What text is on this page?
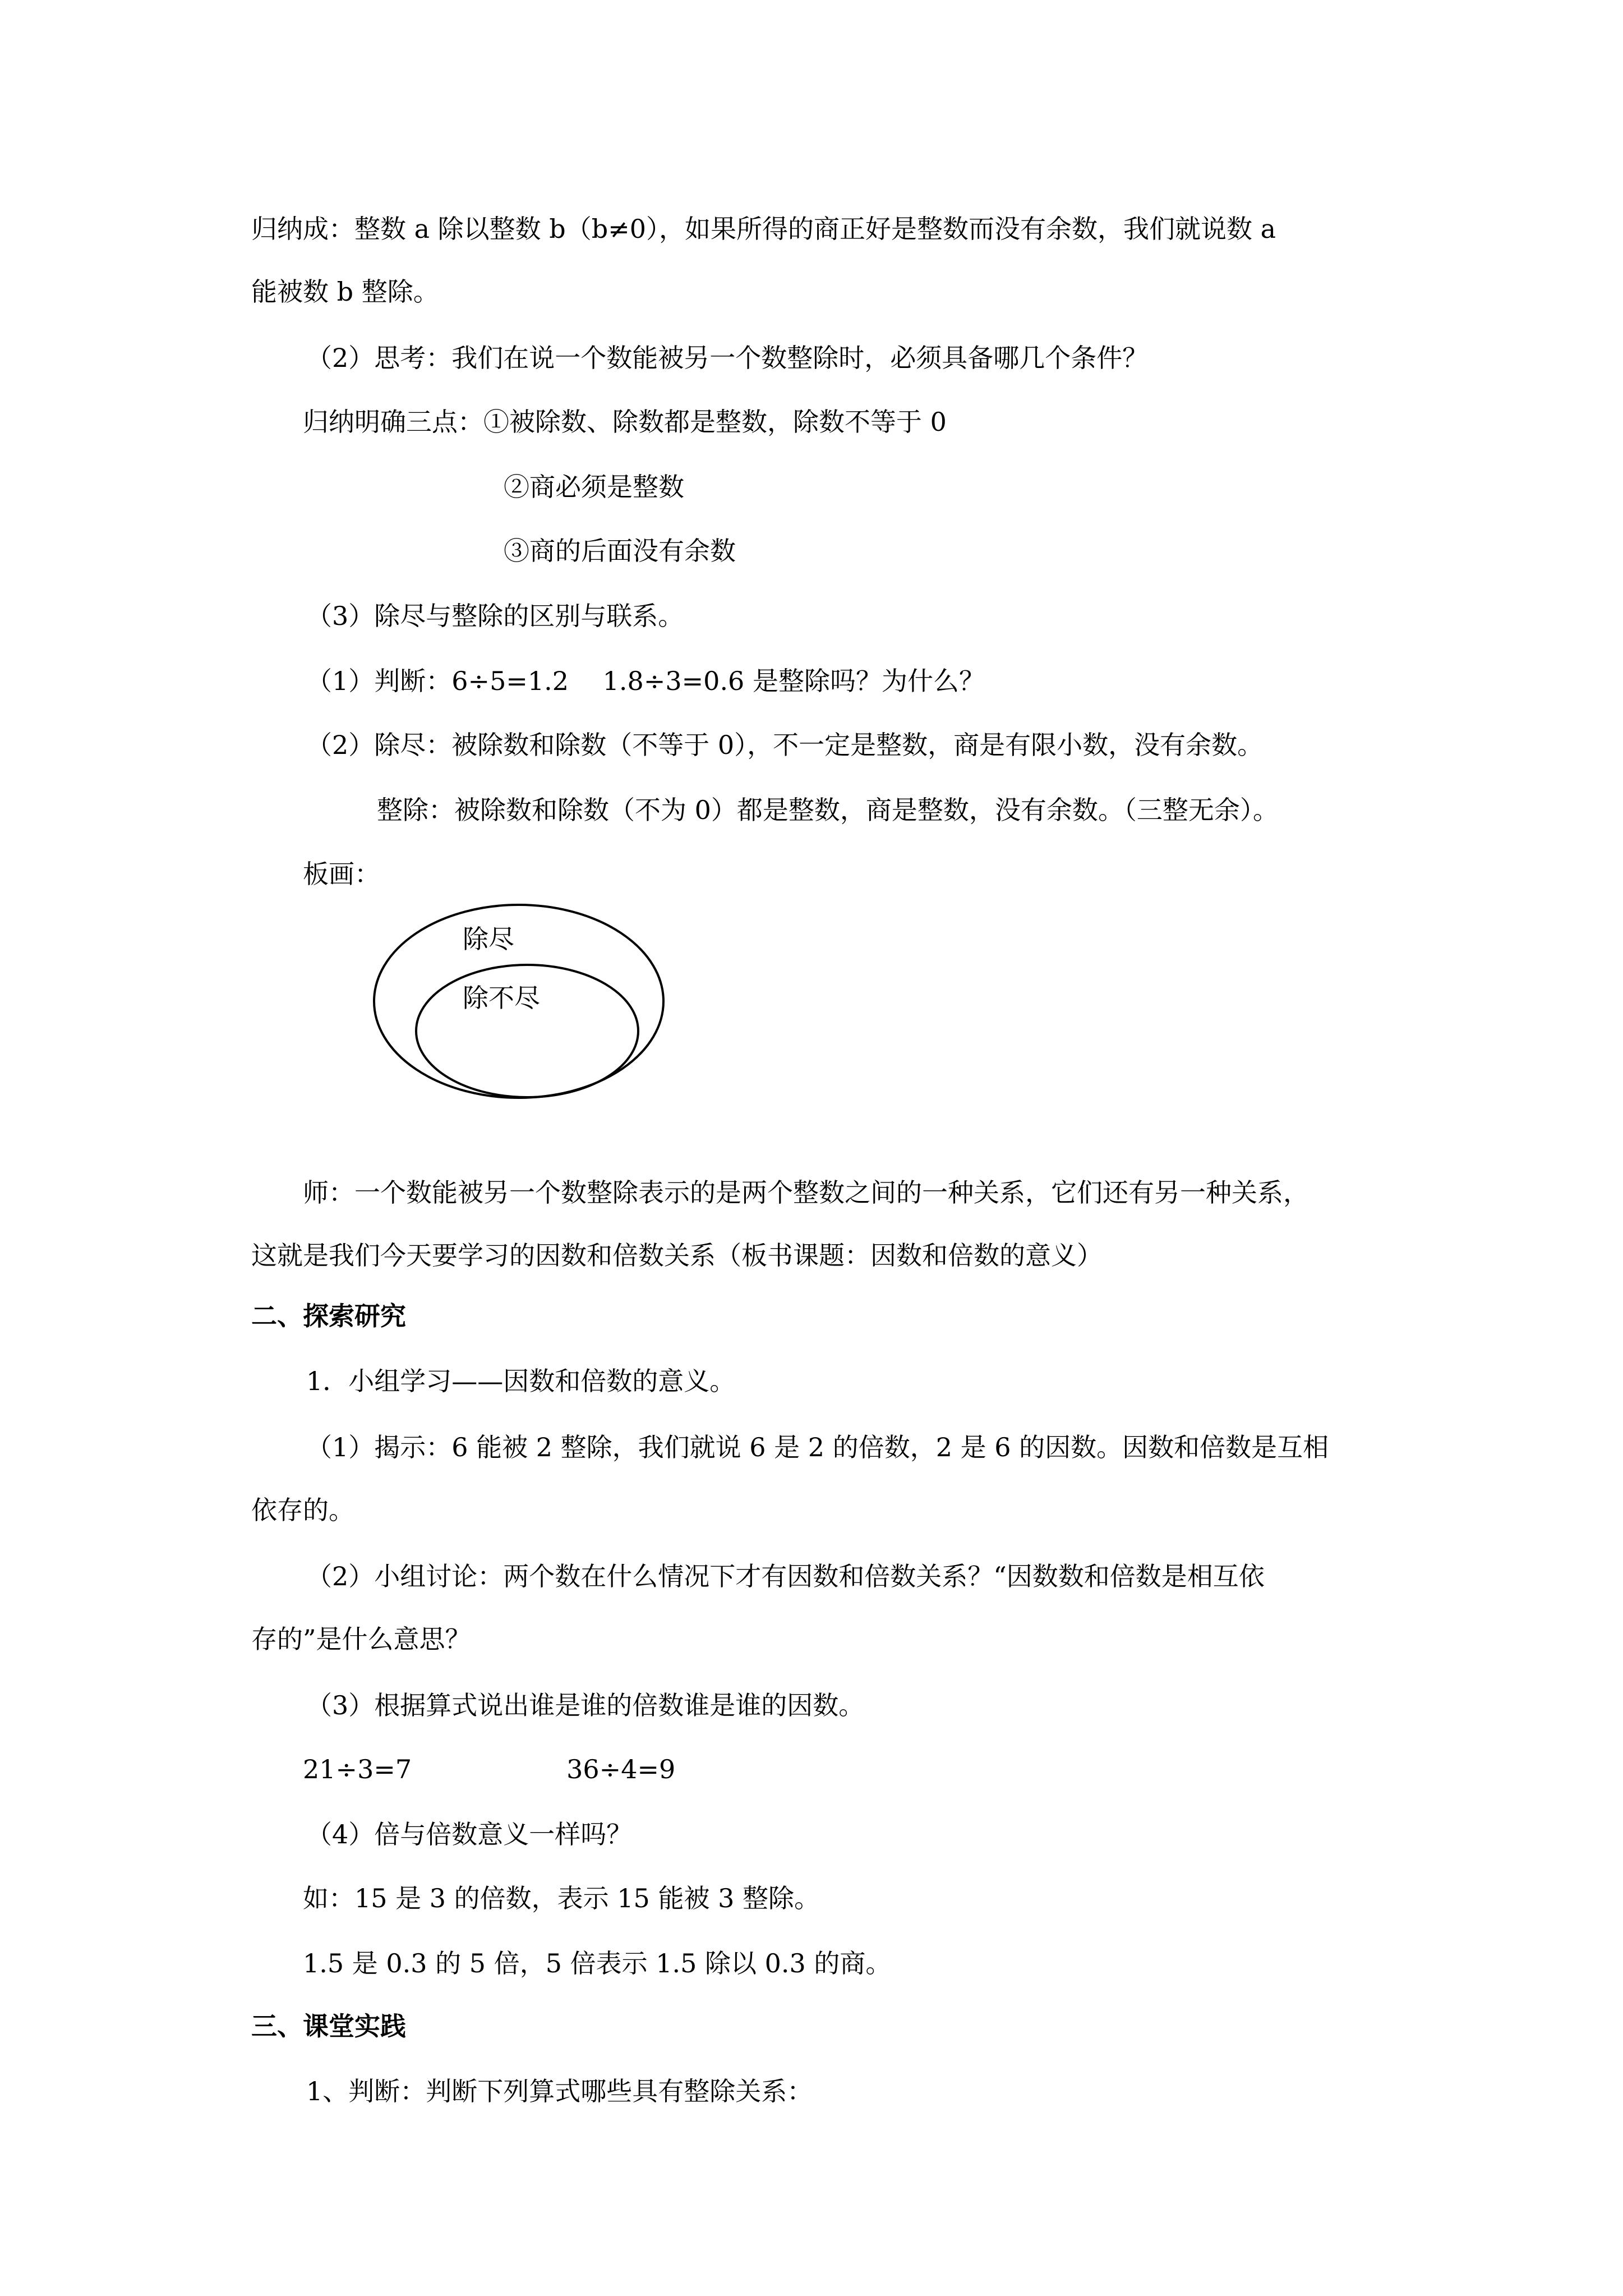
归纳成：整数 a 除以整数 b（b≠0），如果所得的商正好是整数而没有余数，我们就说数 a
能被数 b 整除。
（2）思考：我们在说一个数能被另一个数整除时，必须具备哪几个条件？
归纳明确三点：①被除数、除数都是整数，除数不等于 0
②商必须是整数
③商的后面没有余数
（3）除尽与整除的区别与联系。
（1）判断：6÷5=1.2　 1.8÷3=0.6 是整除吗？为什么？
（2）除尽：被除数和除数（不等于 0），不一定是整数，商是有限小数，没有余数。
整除：被除数和除数（不为 0）都是整数，商是整数，没有余数。（三整无余）。
板画：
除尽
除不尽
师：一个数能被另一个数整除表示的是两个整数之间的一种关系，它们还有另一种关系，
这就是我们今天要学习的因数和倍数关系（板书课题：因数和倍数的意义）
二、探索研究
1．小组学习——因数和倍数的意义。
（1）揭示：6 能被 2 整除，我们就说 6 是 2 的倍数，2 是 6 的因数。因数和倍数是互相
依存的。
（2）小组讨论：两个数在什么情况下才有因数和倍数关系？“因数数和倍数是相互依
存的”是什么意思？
（3）根据算式说出谁是谁的倍数谁是谁的因数。
21÷3=7　　　　　　36÷4=9
（4）倍与倍数意义一样吗？
如：15 是 3 的倍数，表示 15 能被 3 整除。
1.5 是 0.3 的 5 倍，5 倍表示 1.5 除以 0.3 的商。
三、课堂实践
1、判断：判断下列算式哪些具有整除关系：
